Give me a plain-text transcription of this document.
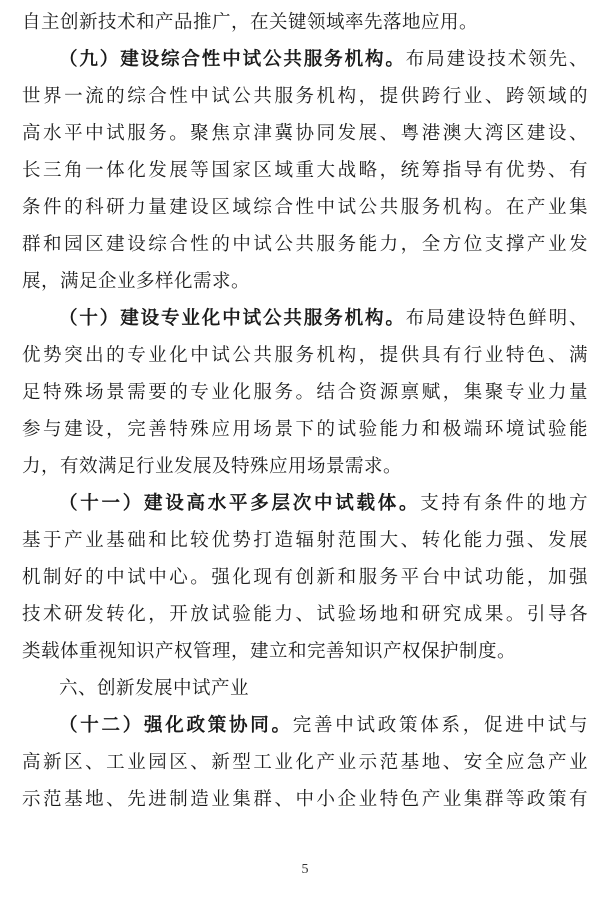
自主创新技术和产品推广，在关键领域率先落地应用。
（九）建设综合性中试公共服务机构。布局建设技术领先、
世界一流的综合性中试公共服务机构，提供跨行业、跨领域的
高水平中试服务。聚焦京津冀协同发展、粤港澳大湾区建设、
长三角一体化发展等国家区域重大战略，统筹指导有优势、有
条件的科研力量建设区域综合性中试公共服务机构。在产业集
群和园区建设综合性的中试公共服务能力，全方位支撑产业发
展，满足企业多样化需求。
（十）建设专业化中试公共服务机构。布局建设特色鲜明、
优势突出的专业化中试公共服务机构，提供具有行业特色、满
足特殊场景需要的专业化服务。结合资源禀赋，集聚专业力量
参与建设，完善特殊应用场景下的试验能力和极端环境试验能
力，有效满足行业发展及特殊应用场景需求。
（十一）建设高水平多层次中试载体。支持有条件的地方
基于产业基础和比较优势打造辐射范围大、转化能力强、发展
机制好的中试中心。强化现有创新和服务平台中试功能，加强
技术研发转化，开放试验能力、试验场地和研究成果。引导各
类载体重视知识产权管理，建立和完善知识产权保护制度。
六、创新发展中试产业
（十二）强化政策协同。完善中试政策体系，促进中试与
高新区、工业园区、新型工业化产业示范基地、安全应急产业
示范基地、先进制造业集群、中小企业特色产业集群等政策有
5
